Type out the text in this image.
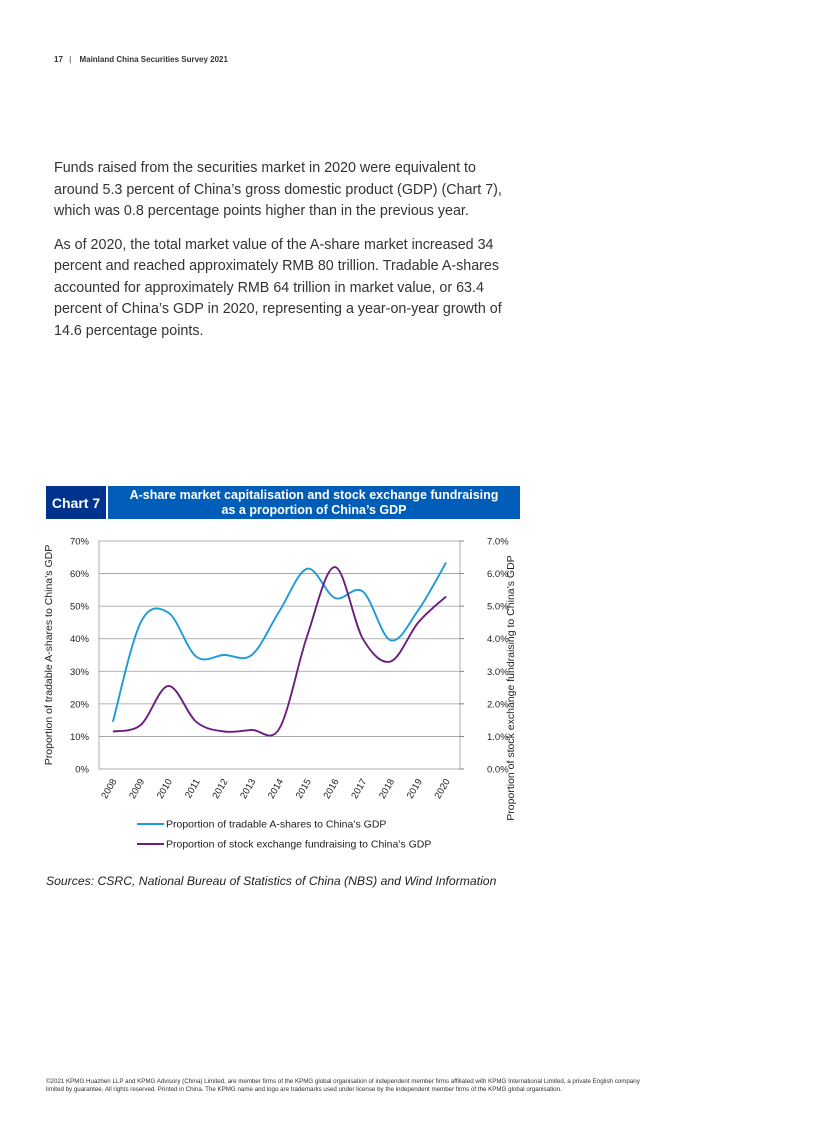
17 | Mainland China Securities Survey 2021

Funds raised from the securities market in 2020 were equivalent to around 5.3 percent of China’s gross domestic product (GDP) (Chart 7), which was 0.8 percentage points higher than in the previous year.

As of 2020, the total market value of the A-share market increased 34 percent and reached approximately RMB 80 trillion. Tradable A-shares accounted for approximately RMB 64 trillion in market value, or 63.4 percent of China’s GDP in 2020, representing a year-on-year growth of 14.6 percentage points.

Chart 7	A-share market capitalisation and stock exchange fundraising
as a proportion of China’s GDP
0%	0.0%
10%	1.0%
20%	2.0%
30%	3.0%
40%	4.0%
50%	5.0%
60%	6.0%
70%	7.0%
2008 2009 2010 2011 2012 2013 2014 2015 2016 2017 2018 2019 2020
Proportion of tradable A-shares to China’s GDP	Proportion of stock exchange fundraising to China’s GDP
Proportion of tradable A-shares to China’s GDP
Proportion of stock exchange fundraising to China’s GDP
Sources: CSRC, National Bureau of Statistics of China (NBS) and Wind Information
©2021 KPMG Huazhen LLP and KPMG Advisory (China) Limited, are member firms of the KPMG global organisation of independent member firms affiliated with KPMG International Limited, a private English company
limited by guarantee. All rights reserved. Printed in China. The KPMG name and logo are trademarks used under license by the independent member firms of the KPMG global organisation.
